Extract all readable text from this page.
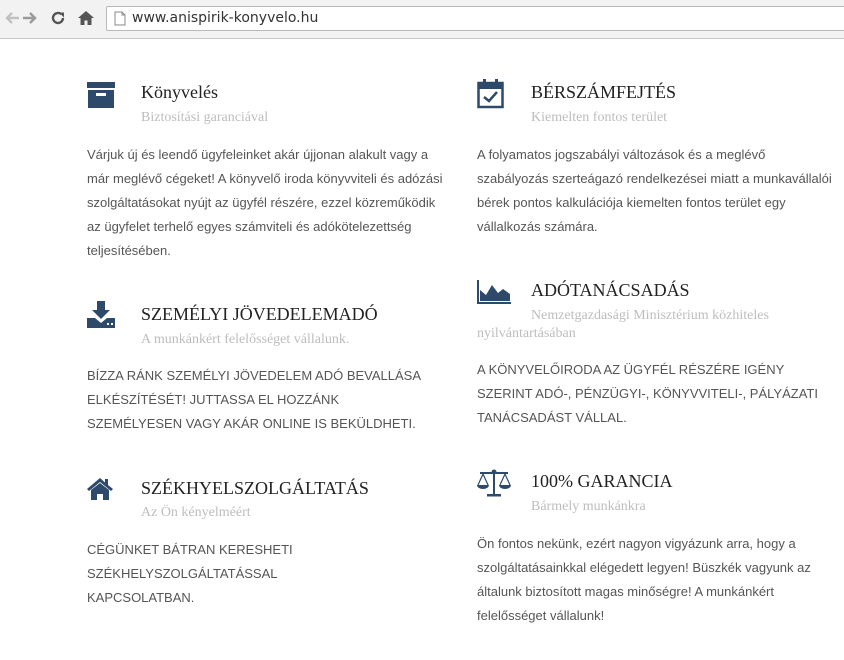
www.anispirik-konyvelo.hu
Könyvelés
Biztosítási garanciával
Várjuk új és leendő ügyfeleinket akár újjonan alakult vagy a már meglévő cégeket! A könyvelő iroda könyvviteli és adózási szolgáltatásokat nyújt az ügyfél részére, ezzel közreműködik az ügyfelet terhelő egyes számviteli és adókötelezettség teljesítésében.
BÉRSZÁMFEJTÉS
Kiemelten fontos terület
A folyamatos jogszabályi változások és a meglévő szabályozás szerteágazó rendelkezései miatt a munkavállalói bérek pontos kalkulációja kiemelten fontos terület egy vállalkozás számára.
SZEMÉLYI JÖVEDELEMADÓ
A munkánkért felelősséget vállalunk.
BÍZZA RÁNK SZEMÉLYI JÖVEDELEM ADÓ BEVALLÁSA ELKÉSZÍTÉSÉT! JUTTASSA EL HOZZÁNK SZEMÉLYESEN VAGY AKÁR ONLINE IS BEKÜLDHETI.
ADÓTANÁCSADÁS
Nemzetgazdasági Minisztérium közhiteles nyilvántartásában
A KÖNYVELŐIRODA AZ ÜGYFÉL RÉSZÉRE IGÉNY SZERINT ADÓ-, PÉNZÜGYI-, KÖNYVVITELI-, PÁLYÁZATI TANÁCSADÁST VÁLLAL.
SZÉKHYELSZOLGÁLTATÁS
Az Ön kényelméért
CÉGÜNKET BÁTRAN KERESHETI SZÉKHELYSZOLGÁLTATÁSSAL KAPCSOLATBAN.
100% GARANCIA
Bármely munkánkra
Ön fontos nekünk, ezért nagyon vigyázunk arra, hogy a szolgáltatásainkkal elégedett legyen! Büszkék vagyunk az általunk biztosított magas minőségre! A munkánkért felelősséget vállalunk!
